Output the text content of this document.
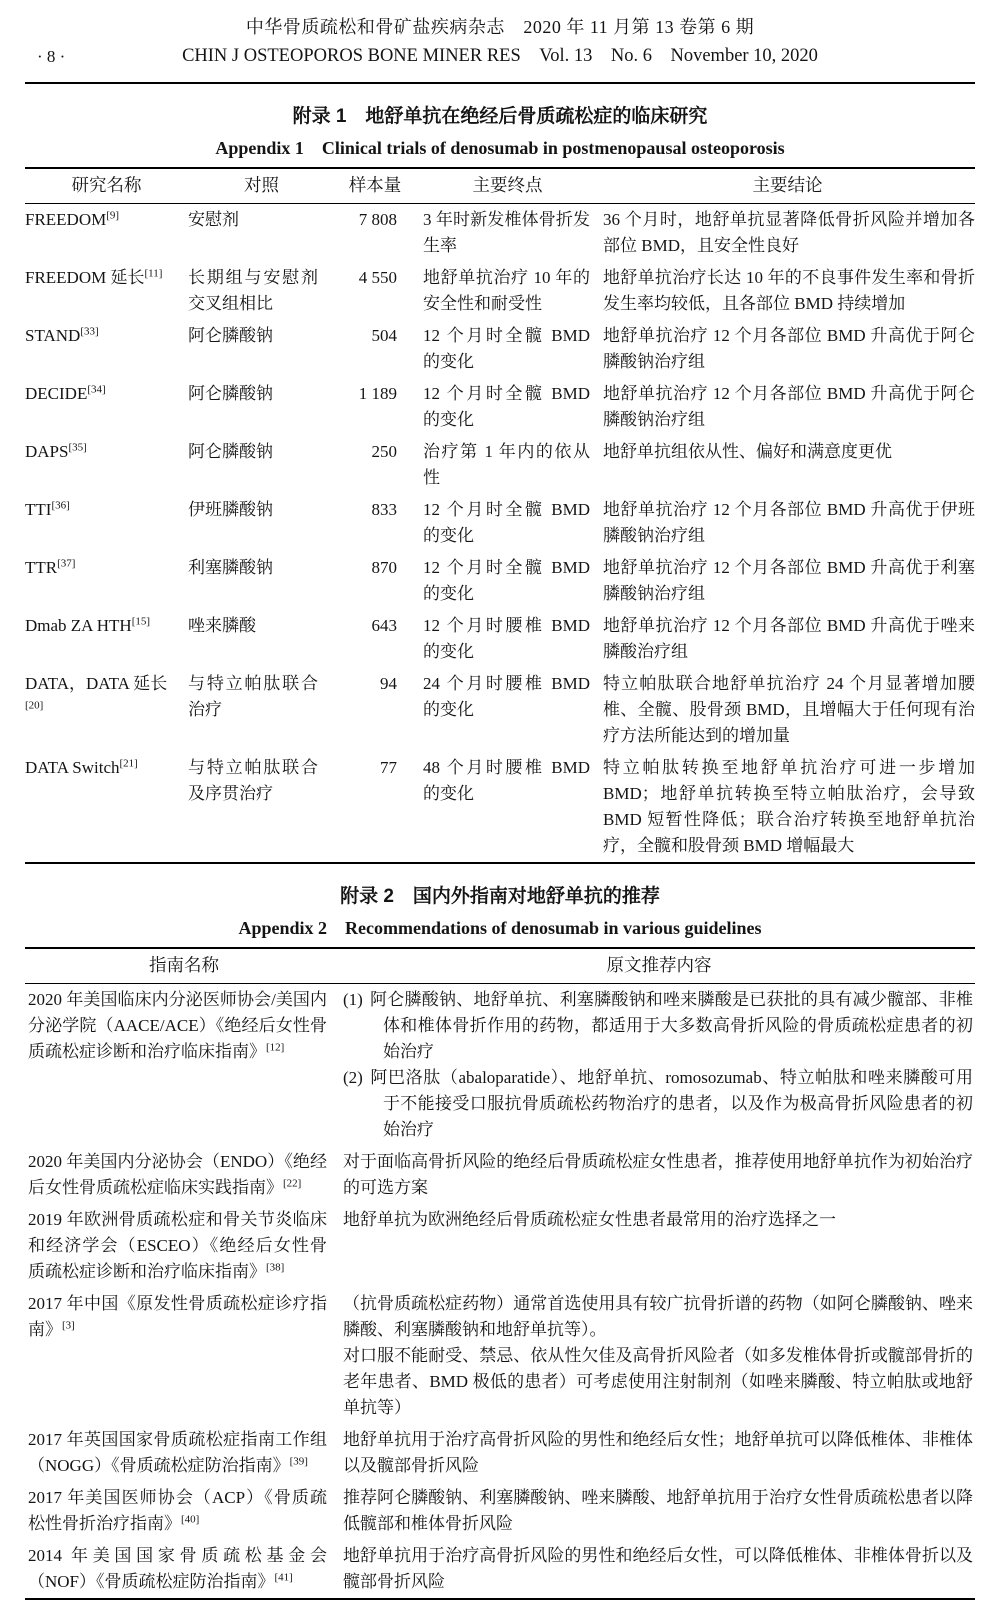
中华骨质疏松和骨矿盐疾病杂志　2020 年 11 月第 13 卷第 6 期
· 8 ·	CHIN J OSTEOPOROS BONE MINER RES　Vol. 13　No. 6　November 10, 2020
附录 1　地舒单抗在绝经后骨质疏松症的临床研究
Appendix 1　Clinical trials of denosumab in postmenopausal osteoporosis
研究名称	对照	样本量	主要终点	主要结论
FREEDOM[9]	安慰剂	7 808	3 年时新发椎体骨折发生率	36 个月时，地舒单抗显著降低骨折风险并增加各部位 BMD，且安全性良好
FREEDOM 延长[11]	长期组与安慰剂交叉组相比	4 550	地舒单抗治疗 10 年的安全性和耐受性	地舒单抗治疗长达 10 年的不良事件发生率和骨折发生率均较低，且各部位 BMD 持续增加
STAND[33]	阿仑膦酸钠	504	12 个月时全髋 BMD 的变化	地舒单抗治疗 12 个月各部位 BMD 升高优于阿仑膦酸钠治疗组
DECIDE[34]	阿仑膦酸钠	1 189	12 个月时全髋 BMD 的变化	地舒单抗治疗 12 个月各部位 BMD 升高优于阿仑膦酸钠治疗组
DAPS[35]	阿仑膦酸钠	250	治疗第 1 年内的依从性	地舒单抗组依从性、偏好和满意度更优
TTI[36]	伊班膦酸钠	833	12 个月时全髋 BMD 的变化	地舒单抗治疗 12 个月各部位 BMD 升高优于伊班膦酸钠治疗组
TTR[37]	利塞膦酸钠	870	12 个月时全髋 BMD 的变化	地舒单抗治疗 12 个月各部位 BMD 升高优于利塞膦酸钠治疗组
Dmab ZA HTH[15]	唑来膦酸	643	12 个月时腰椎 BMD 的变化	地舒单抗治疗 12 个月各部位 BMD 升高优于唑来膦酸治疗组
DATA，DATA 延长[20]	与特立帕肽联合治疗	94	24 个月时腰椎 BMD 的变化	特立帕肽联合地舒单抗治疗 24 个月显著增加腰椎、全髋、股骨颈 BMD，且增幅大于任何现有治疗方法所能达到的增加量
DATA Switch[21]	与特立帕肽联合及序贯治疗	77	48 个月时腰椎 BMD 的变化	特立帕肽转换至地舒单抗治疗可进一步增加 BMD；地舒单抗转换至特立帕肽治疗，会导致 BMD 短暂性降低；联合治疗转换至地舒单抗治疗，全髋和股骨颈 BMD 增幅最大
附录 2　国内外指南对地舒单抗的推荐
Appendix 2　Recommendations of denosumab in various guidelines
指南名称	原文推荐内容
2020 年美国临床内分泌医师协会/美国内分泌学院（AACE/ACE）《绝经后女性骨质疏松症诊断和治疗临床指南》[12]	(1) 阿仑膦酸钠、地舒单抗、利塞膦酸钠和唑来膦酸是已获批的具有减少髋部、非椎体和椎体骨折作用的药物，都适用于大多数高骨折风险的骨质疏松症患者的初始治疗
(2) 阿巴洛肽（abaloparatide）、地舒单抗、romosozumab、特立帕肽和唑来膦酸可用于不能接受口服抗骨质疏松药物治疗的患者，以及作为极高骨折风险患者的初始治疗

2020 年美国内分泌协会（ENDO）《绝经后女性骨质疏松症临床实践指南》[22]	对于面临高骨折风险的绝经后骨质疏松症女性患者，推荐使用地舒单抗作为初始治疗的可选方案

2019 年欧洲骨质疏松症和骨关节炎临床和经济学会（ESCEO）《绝经后女性骨质疏松症诊断和治疗临床指南》[38]	地舒单抗为欧洲绝经后骨质疏松症女性患者最常用的治疗选择之一

2017 年中国《原发性骨质疏松症诊疗指南》[3]	（抗骨质疏松症药物）通常首选使用具有较广抗骨折谱的药物（如阿仑膦酸钠、唑来膦酸、利塞膦酸钠和地舒单抗等）。
对口服不能耐受、禁忌、依从性欠佳及高骨折风险者（如多发椎体骨折或髋部骨折的老年患者、BMD 极低的患者）可考虑使用注射制剂（如唑来膦酸、特立帕肽或地舒单抗等）

2017 年英国国家骨质疏松症指南工作组（NOGG）《骨质疏松症防治指南》[39]	地舒单抗用于治疗高骨折风险的男性和绝经后女性；地舒单抗可以降低椎体、非椎体以及髋部骨折风险

2017 年美国医师协会（ACP）《骨质疏松性骨折治疗指南》[40]	推荐阿仑膦酸钠、利塞膦酸钠、唑来膦酸、地舒单抗用于治疗女性骨质疏松患者以降低髋部和椎体骨折风险

2014 年美国国家骨质疏松基金会（NOF）《骨质疏松症防治指南》[41]	地舒单抗用于治疗高骨折风险的男性和绝经后女性，可以降低椎体、非椎体骨折以及髋部骨折风险
